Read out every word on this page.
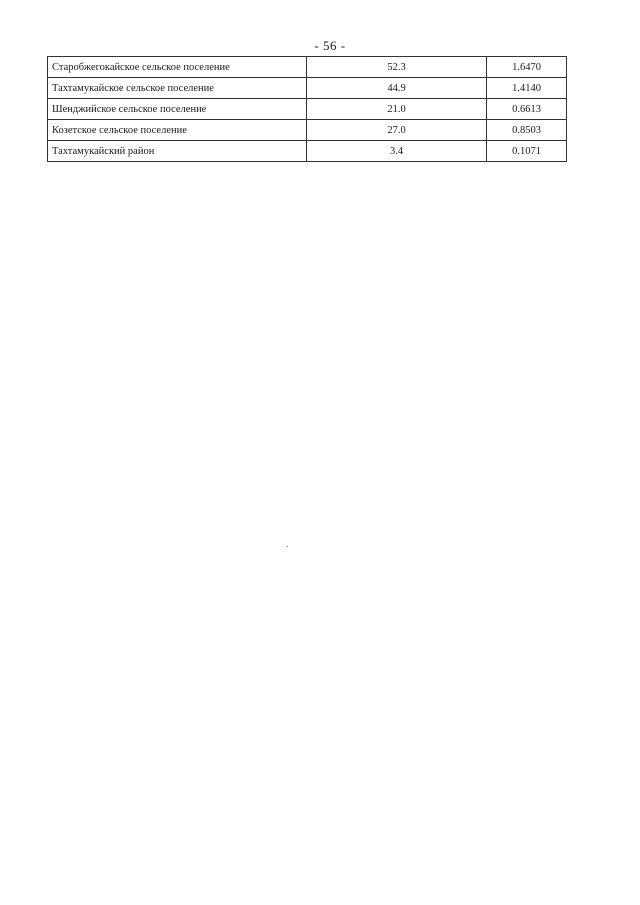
- 56 -
Старобжегокайское сельское поселение	52.3	1.6470
Тахтамукайское сельское поселение	44.9	1.4140
Шенджийское сельское поселение	21.0	0.6613
Козетское сельское поселение	27.0	0.8503
Тахтамукайский район	3.4	0.1071
